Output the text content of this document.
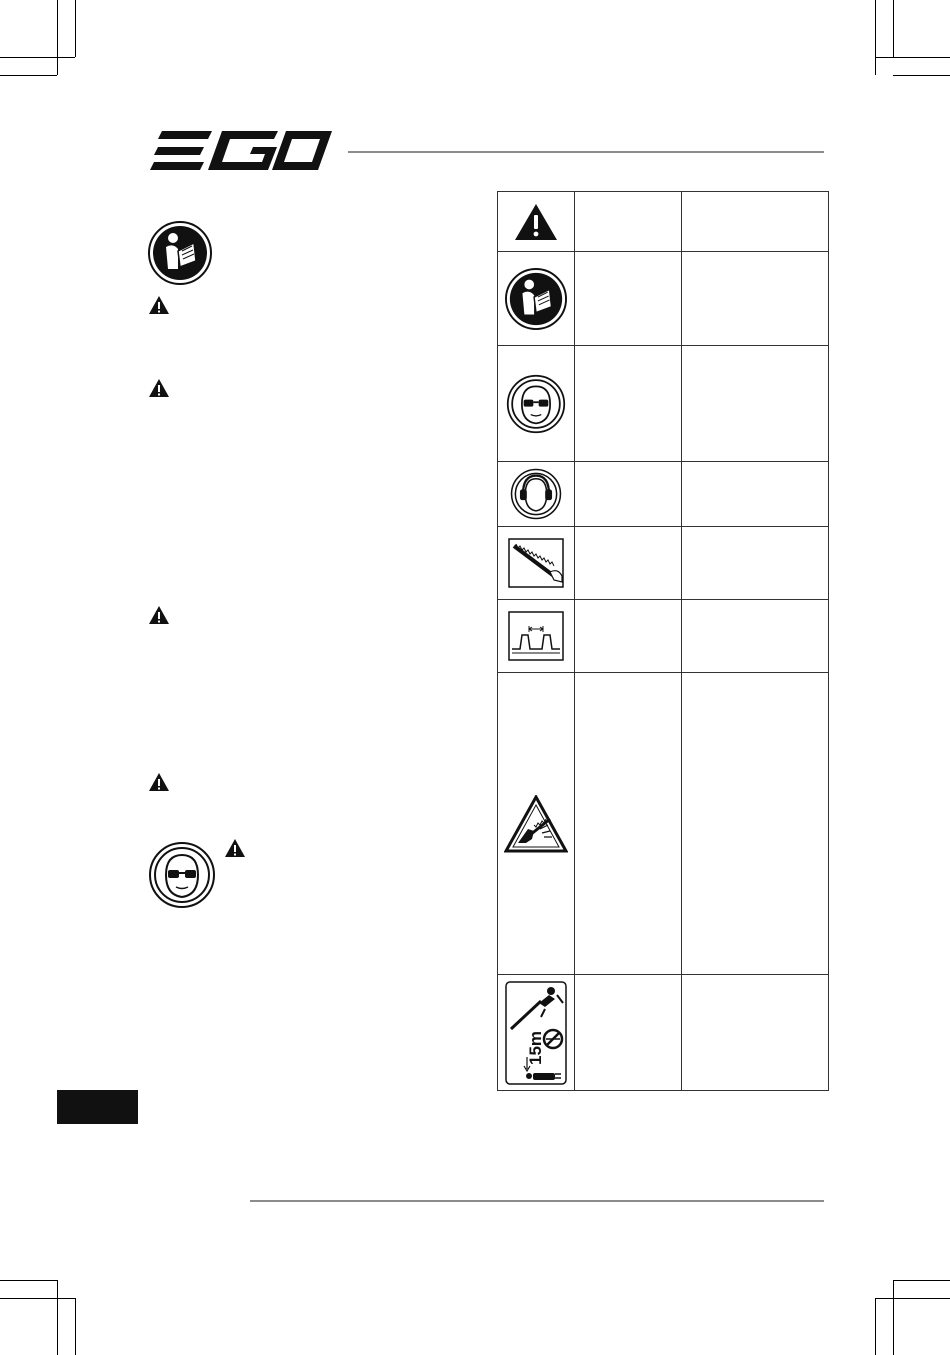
15m
